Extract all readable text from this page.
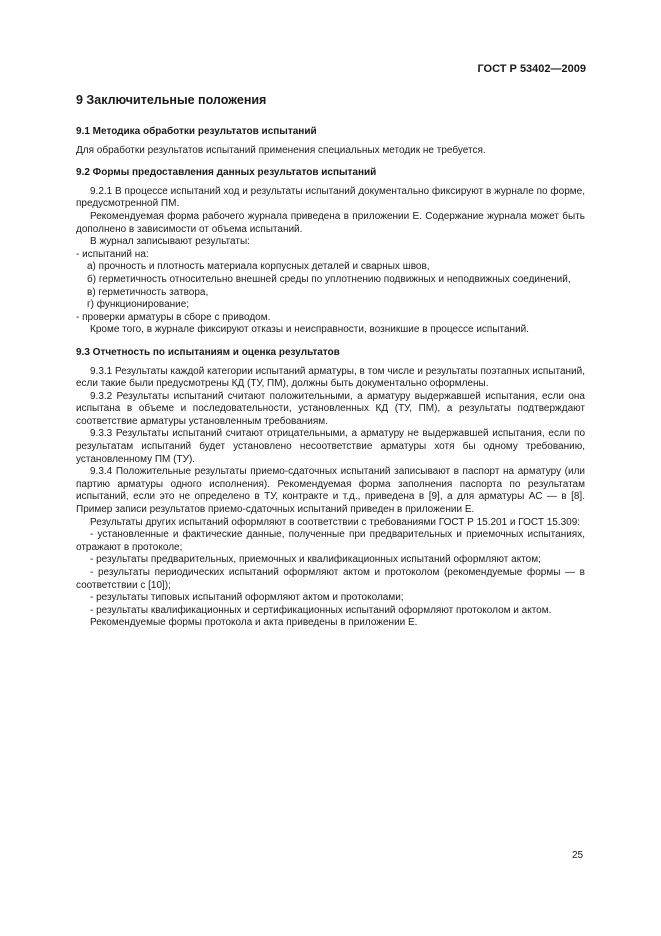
ГОСТ Р 53402—2009
9 Заключительные положения
9.1 Методика обработки результатов испытаний

Для обработки результатов испытаний применения специальных методик не требуется.

9.2 Формы предоставления данных результатов испытаний

9.2.1 В процессе испытаний ход и результаты испытаний документально фиксируют в журнале по форме, предусмотренной ПМ.

Рекомендуемая форма рабочего журнала приведена в приложении Е. Содержание журнала может быть дополнено в зависимости от объема испытаний.

В журнал записывают результаты:

- испытаний на:

а) прочность и плотность материала корпусных деталей и сварных швов,

б) герметичность относительно внешней среды по уплотнению подвижных и неподвижных соединений,

в) герметичность затвора,

г) функционирование;

- проверки арматуры в сборе с приводом.

Кроме того, в журнале фиксируют отказы и неисправности, возникшие в процессе испытаний.

9.3 Отчетность по испытаниям и оценка результатов

9.3.1 Результаты каждой категории испытаний арматуры, в том числе и результаты поэтапных испытаний, если такие были предусмотрены КД (ТУ, ПМ), должны быть документально оформлены.

9.3.2 Результаты испытаний считают положительными, а арматуру выдержавшей испытания, если она испытана в объеме и последовательности, установленных КД (ТУ, ПМ), а результаты подтверждают соответствие арматуры установленным требованиям.

9.3.3 Результаты испытаний считают отрицательными, а арматуру не выдержавшей испытания, если по результатам испытаний будет установлено несоответствие арматуры хотя бы одному требованию, установленному ПМ (ТУ).

9.3.4 Положительные результаты приемо-сдаточных испытаний записывают в паспорт на арматуру (или партию арматуры одного исполнения). Рекомендуемая форма заполнения паспорта по результатам испытаний, если это не определено в ТУ, контракте и т.д., приведена в [9], а для арматуры АС — в [8]. Пример записи результатов приемо-сдаточных испытаний приведен в приложении Е.

Результаты других испытаний оформляют в соответствии с требованиями ГОСТ Р 15.201 и ГОСТ 15.309:

- установленные и фактические данные, полученные при предварительных и приемочных испытаниях, отражают в протоколе;

- результаты предварительных, приемочных и квалификационных испытаний оформляют актом;

- результаты периодических испытаний оформляют актом и протоколом (рекомендуемые формы — в соответствии с [10]);

- результаты типовых испытаний оформляют актом и протоколами;

- результаты квалификационных и сертификационных испытаний оформляют протоколом и актом.

Рекомендуемые формы протокола и акта приведены в приложении Е.

25
